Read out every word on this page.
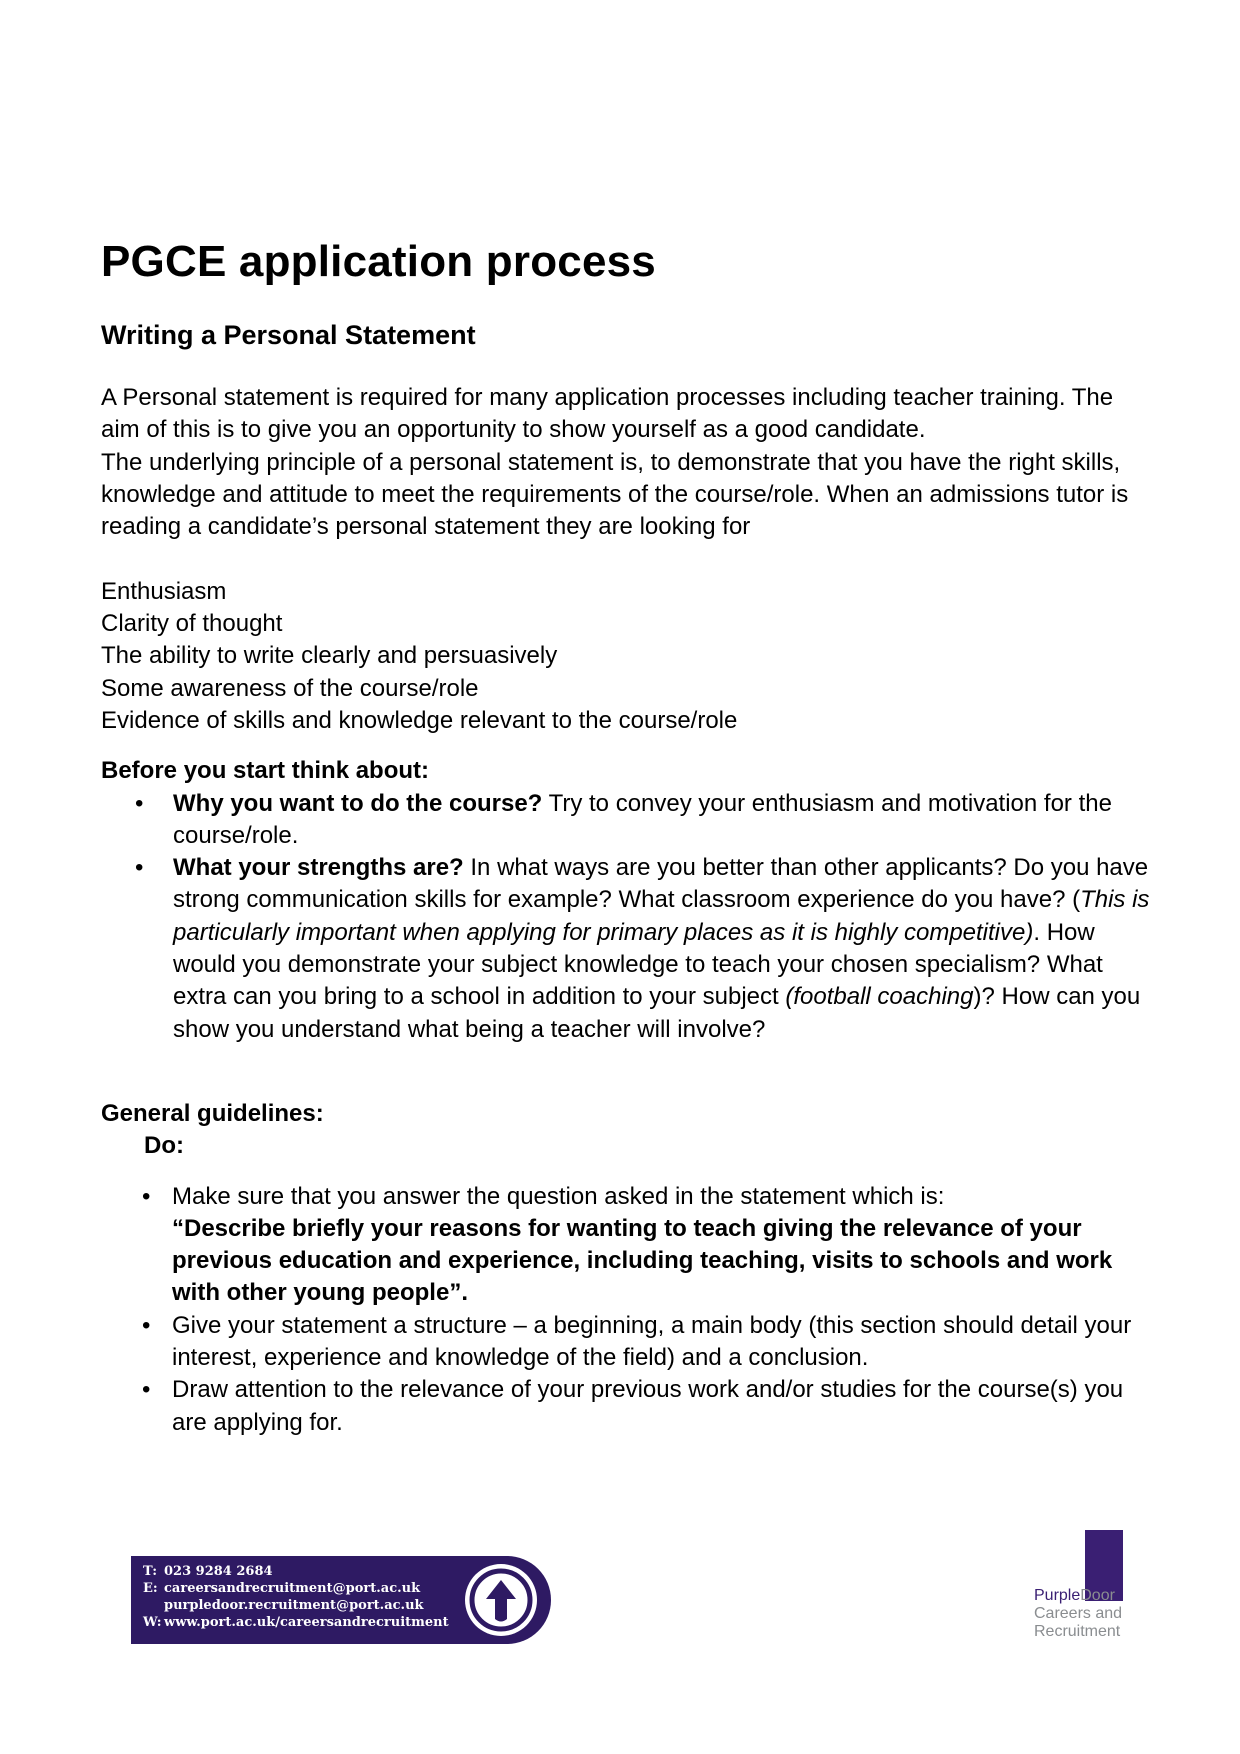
PGCE application process
Writing a Personal Statement

A Personal statement is required for many application processes including teacher training. The aim of this is to give you an opportunity to show yourself as a good candidate.

The underlying principle of a personal statement is, to demonstrate that you have the right skills, knowledge and attitude to meet the requirements of the course/role. When an admissions tutor is reading a candidate’s personal statement they are looking for

Enthusiasm

Clarity of thought

The ability to write clearly and persuasively

Some awareness of the course/role

Evidence of skills and knowledge relevant to the course/role

Before you start think about:

• Why you want to do the course? Try to convey your enthusiasm and motivation for the course/role.
• What your strengths are? In what ways are you better than other applicants? Do you have strong communication skills for example? What classroom experience do you have? (This is particularly important when applying for primary places as it is highly competitive). How would you demonstrate your subject knowledge to teach your chosen specialism? What extra can you bring to a school in addition to your subject (football coaching)? How can you show you understand what being a teacher will involve?

General guidelines:

Do:

• Make sure that you answer the question asked in the statement which is:
“Describe briefly your reasons for wanting to teach giving the relevance of your previous education and experience, including teaching, visits to schools and work with other young people”.
• Give your statement a structure – a beginning, a main body (this section should detail your interest, experience and knowledge of the field) and a conclusion.
• Draw attention to the relevance of your previous work and/or studies for the course(s) you are applying for.
T: 023 9284 2684
E: careersandrecruitment@port.ac.uk
purpledoor.recruitment@port.ac.uk
W: www.port.ac.uk/careersandrecruitment
PurpleDoor
Careers and
Recruitment
